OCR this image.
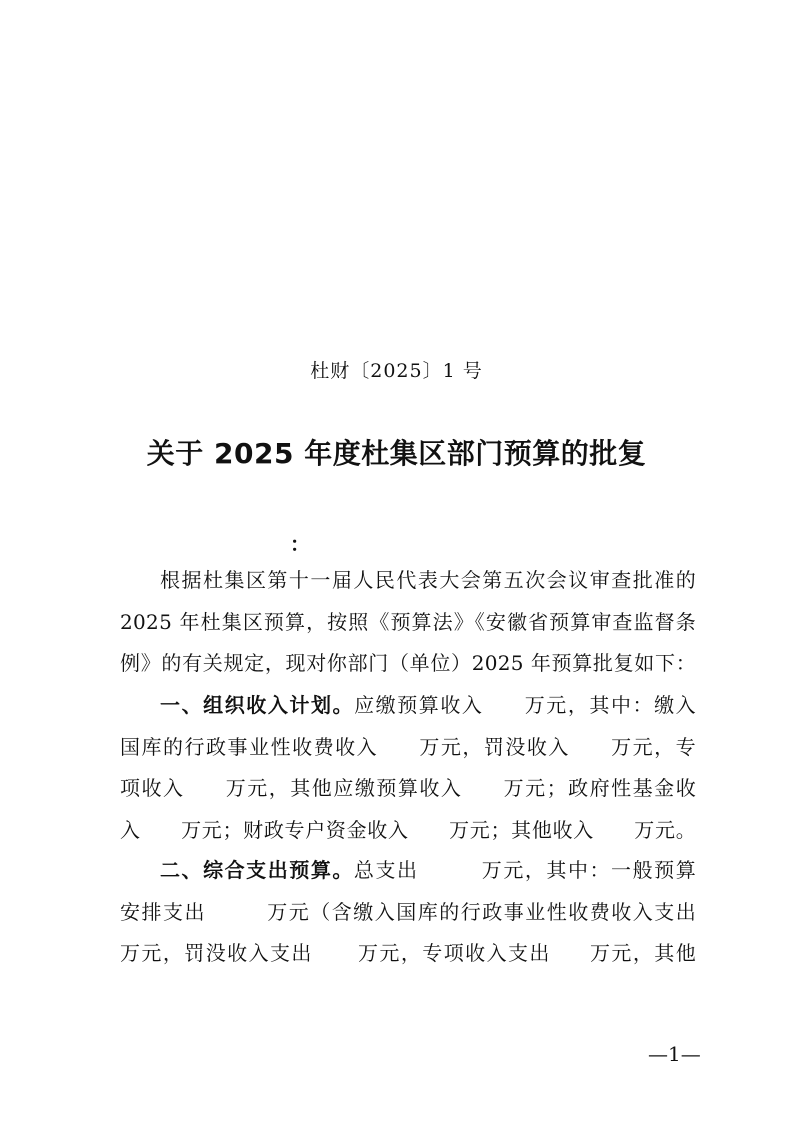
杜财〔2025〕1 号
关于 2025 年度杜集区部门预算的批复
：
根据杜集区第十一届人民代表大会第五次会议审查批准的
2025 年杜集区预算，按照《预算法》《安徽省预算审查监督条
例》的有关规定，现对你部门（单位）2025 年预算批复如下：
一、组织收入计划。应缴预算收入 万元，其中：缴入
国库的行政事业性收费收入 万元，罚没收入 万元，专
项收入 万元，其他应缴预算收入 万元；政府性基金收
入 万元；财政专户资金收入 万元；其他收入 万元。
二、综合支出预算。总支出	万元，其中：一般预算
安排支出	万元（含缴入国库的行政事业性收费收入支出
万元，罚没收入支出 万元，专项收入支出 万元，其他
—1—
